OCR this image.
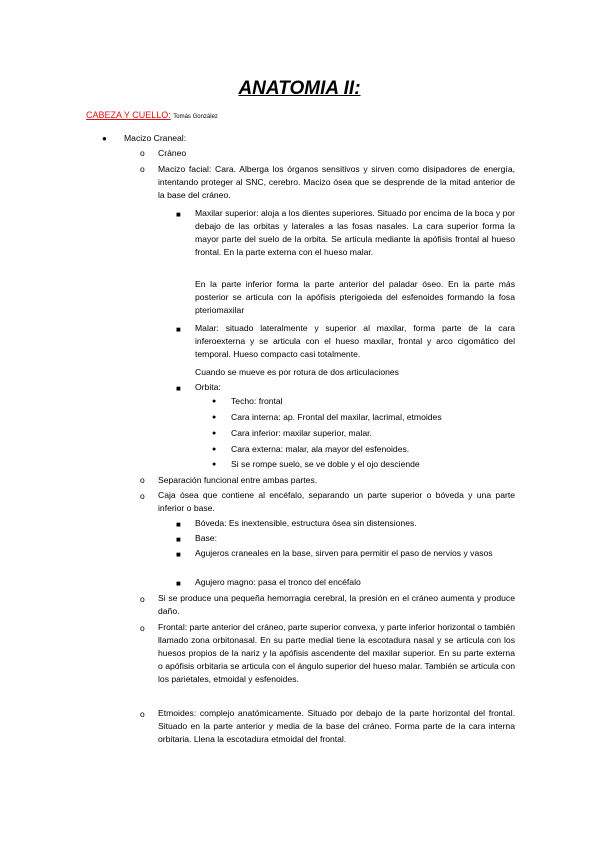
ANATOMIA II:
CABEZA Y CUELLO: Tomás González
● Macizo Craneal:
o Cráneo
o Macizo facial: Cara. Alberga los órganos sensitivos y sirven como disipadores de energía, intentando proteger al SNC, cerebro. Macizo ósea que se desprende de la mitad anterior de la base del cráneo.
■ Maxilar superior: aloja a los dientes superiores. Situado por encima de la boca y por debajo de las orbitas y laterales a las fosas nasales. La cara superior forma la mayor parte del suelo de la orbita. Se articula mediante la apófisis frontal al hueso frontal. En la parte externa con el hueso malar.
En la parte inferior forma la parte anterior del paladar óseo. En la parte más posterior se articula con la apófisis pterigoieda del esfenoides formando la fosa pteriomaxilar
■ Malar: situado lateralmente y superior al maxilar, forma parte de la cara inferoexterna y se articula con el hueso maxilar, frontal y arco cigomático del temporal. Hueso compacto casi totalmente.
Cuando se mueve es por rotura de dos articulaciones
■ Orbita:
● Techo: frontal
● Cara interna: ap. Frontal del maxilar, lacrimal, etmoides
● Cara inferior: maxilar superior, malar.
● Cara externa: malar, ala mayor del esfenoides.
● Si se rompe suelo, se ve doble y el ojo desciende
o Separación funcional entre ambas partes.
o Caja ósea que contiene al encéfalo, separando un parte superior o bóveda y una parte inferior o base.
■ Bóveda: Es inextensible, estructura ósea sin distensiones.
■ Base:
■ Agujeros craneales en la base, sirven para permitir el paso de nervios y vasos
■ Agujero magno: pasa el tronco del encéfalo
o Si se produce una pequeña hemorragia cerebral, la presión en el cráneo aumenta y produce daño.
o Frontal: parte anterior del cráneo, parte superior convexa, y parte inferior horizontal o también llamado zona orbitonasal. En su parte medial tiene la escotadura nasal y se articula con los huesos propios de la nariz y la apófisis ascendente del maxilar superior. En su parte externa o apófisis orbitaria se articula con el ángulo superior del hueso malar. También se articula con los parietales, etmoidal y esfenoides.
o Etmoides: complejo anatómicamente. Situado por debajo de la parte horizontal del frontal. Situado en la parte anterior y media de la base del cráneo. Forma parte de la cara interna orbitaria. Llena la escotadura etmoidal del frontal.
